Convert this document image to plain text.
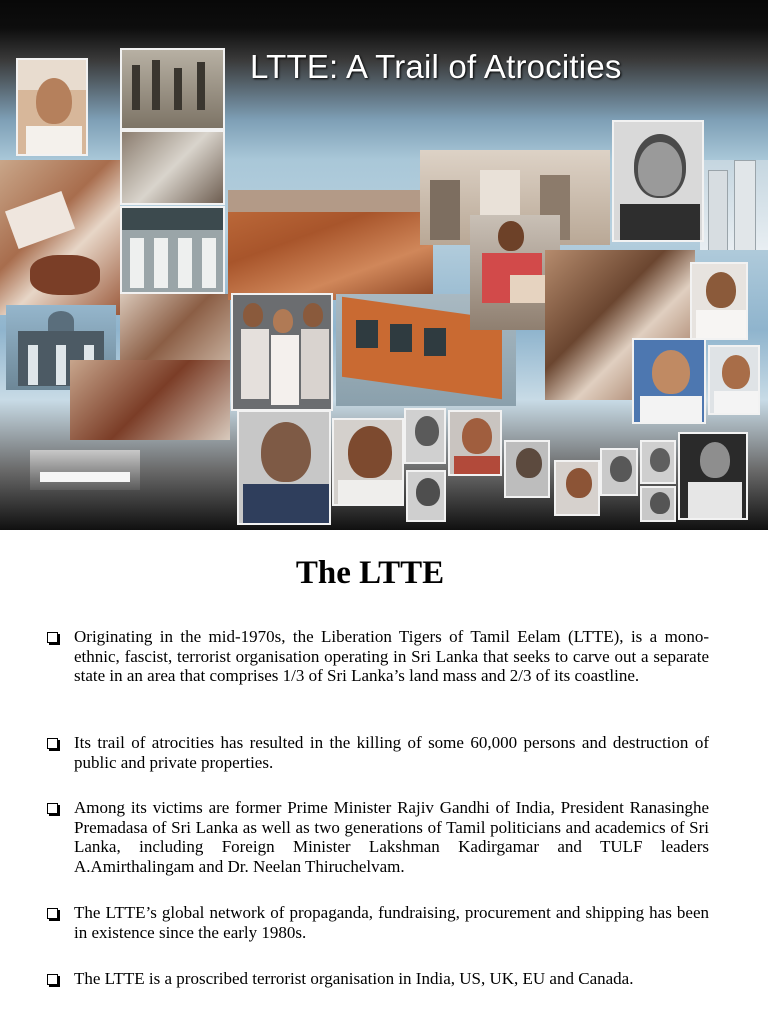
LTTE: A Trail of Atrocities
The LTTE
Originating in the mid-1970s, the Liberation Tigers of Tamil Eelam (LTTE), is a mono-ethnic, fascist, terrorist organisation operating in Sri Lanka that seeks to carve out a separate state in an area that comprises 1/3 of Sri Lanka’s land mass and 2/3 of its coastline.
Its trail of atrocities has resulted in the killing of some 60,000 persons and destruction of public and private properties.
Among its victims are former Prime Minister Rajiv Gandhi of India, President Ranasinghe Premadasa of Sri Lanka as well as two generations of Tamil politicians and academics of Sri Lanka, including Foreign Minister Lakshman Kadirgamar and TULF leaders A.Amirthalingam and Dr. Neelan Thiruchelvam.
The LTTE’s global network of propaganda, fundraising, procurement and shipping has been in existence since the early 1980s.
The LTTE is a proscribed terrorist organisation in India, US, UK, EU and Canada.
